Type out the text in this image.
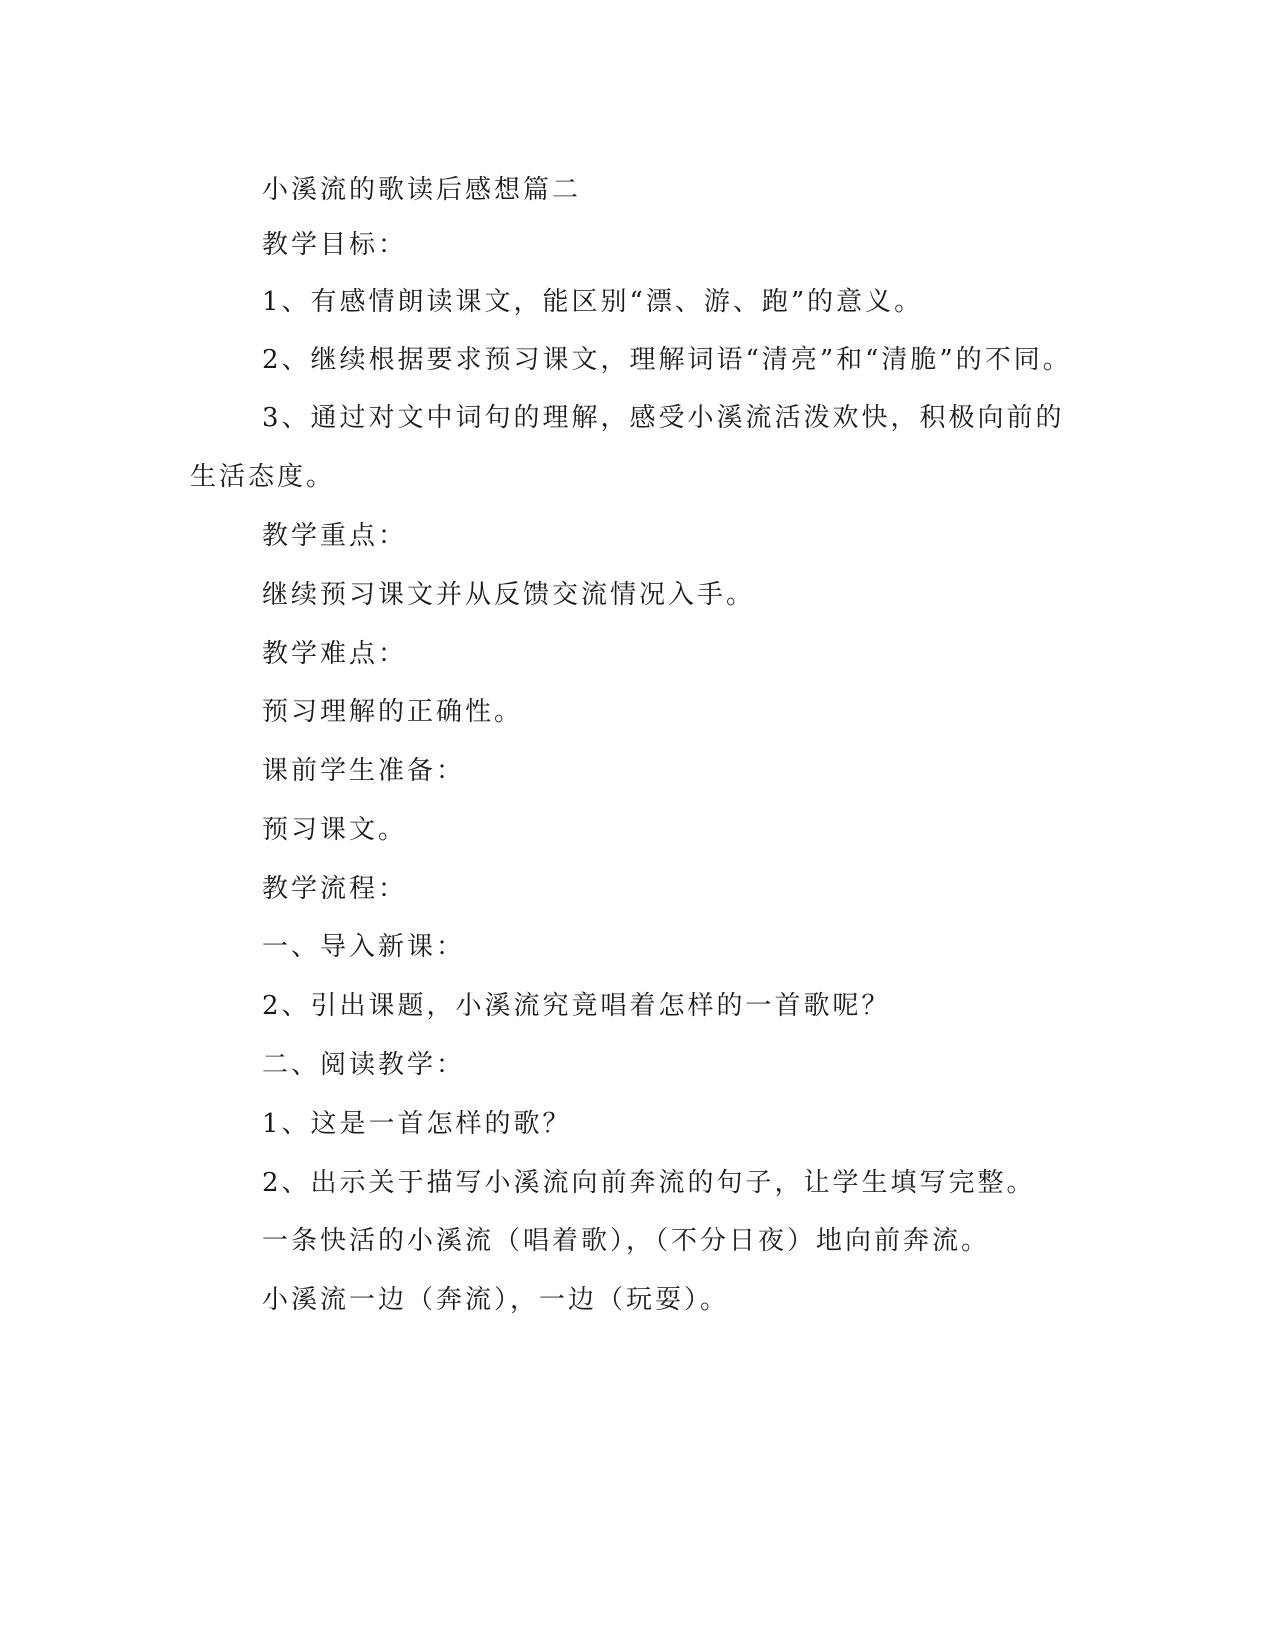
小溪流的歌读后感想篇二
教学目标：
1、有感情朗读课文，能区别“漂、游、跑”的意义。
2、继续根据要求预习课文，理解词语“清亮”和“清脆”的不同。
3、通过对文中词句的理解，感受小溪流活泼欢快，积极向前的
生活态度。
教学重点：
继续预习课文并从反馈交流情况入手。
教学难点：
预习理解的正确性。
课前学生准备：
预习课文。
教学流程：
一、导入新课：
2、引出课题，小溪流究竟唱着怎样的一首歌呢？
二、阅读教学：
1、这是一首怎样的歌？
2、出示关于描写小溪流向前奔流的句子，让学生填写完整。
一条快活的小溪流（唱着歌），（不分日夜）地向前奔流。
小溪流一边（奔流），一边（玩耍）。
